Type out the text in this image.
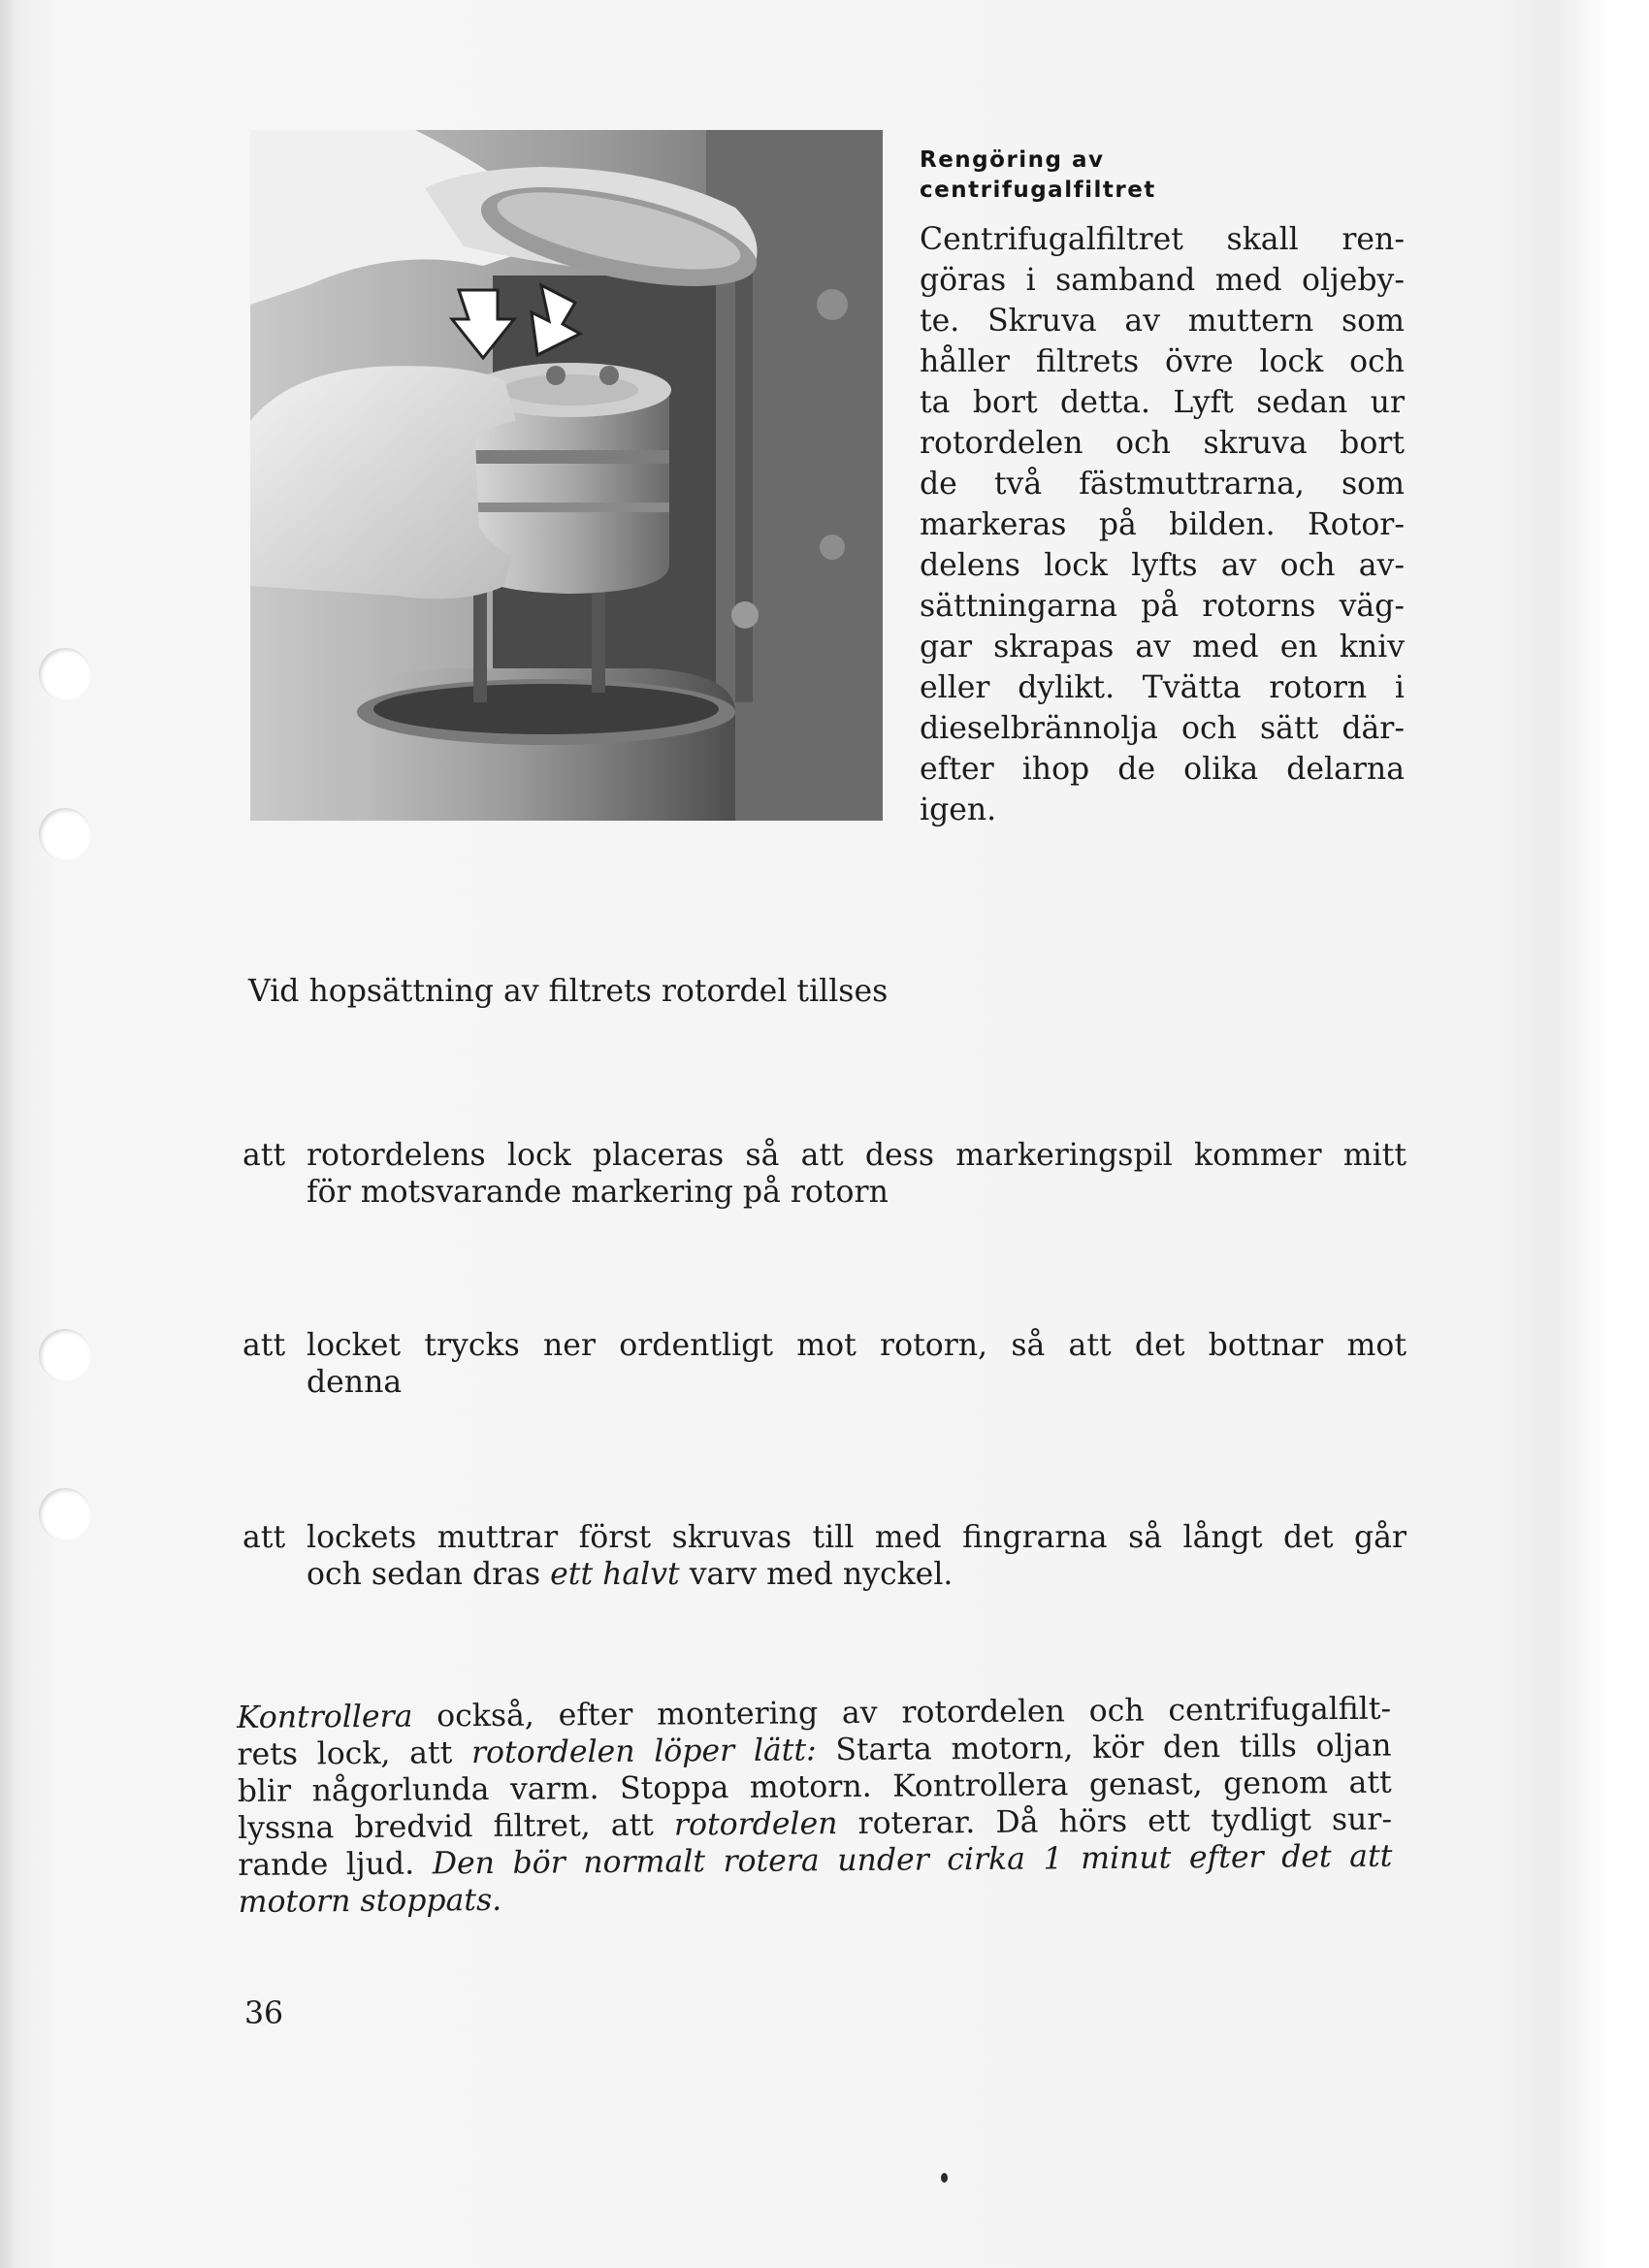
Rengöring av
centrifugalfiltret
Centrifugalfiltret skall ren-
göras i samband med oljeby-
te. Skruva av muttern som
håller filtrets övre lock och
ta bort detta. Lyft sedan ur
rotordelen och skruva bort
de två fästmuttrarna, som
markeras på bilden. Rotor-
delens lock lyfts av och av-
sättningarna på rotorns väg-
gar skrapas av med en kniv
eller dylikt. Tvätta rotorn i
dieselbrännolja och sätt där-
efter ihop de olika delarna
igen.
Vid hopsättning av filtrets rotordel tillses
att rotordelens lock placeras så att dess markeringspil kommer mitt
för motsvarande markering på rotorn
att locket trycks ner ordentligt mot rotorn, så att det bottnar mot
denna
att lockets muttrar först skruvas till med fingrarna så långt det går
och sedan dras ett halvt varv med nyckel.
Kontrollera också, efter montering av rotordelen och centrifugalfilt-
rets lock, att rotordelen löper lätt: Starta motorn, kör den tills oljan
blir någorlunda varm. Stoppa motorn. Kontrollera genast, genom att
lyssna bredvid filtret, att rotordelen roterar. Då hörs ett tydligt sur-
rande ljud. Den bör normalt rotera under cirka 1 minut efter det att
motorn stoppats.
36
